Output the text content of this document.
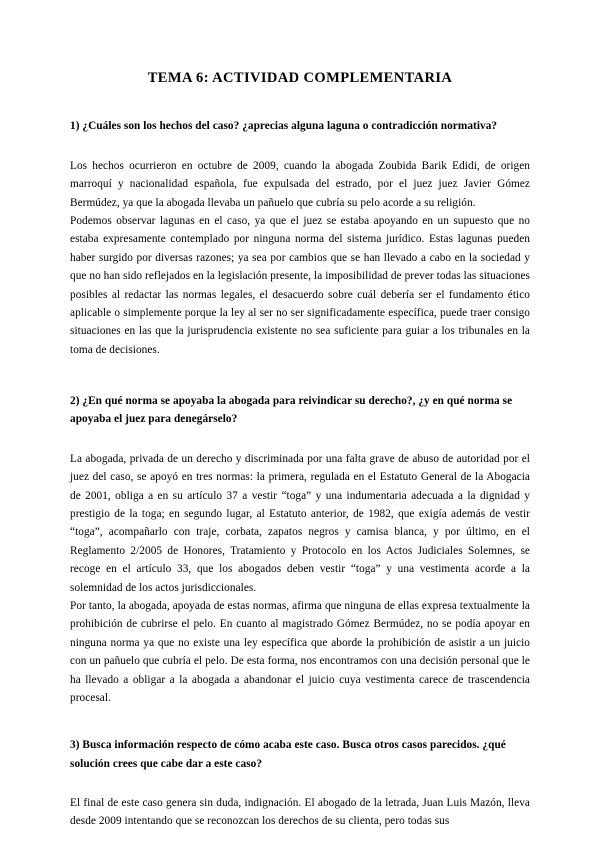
TEMA 6: ACTIVIDAD COMPLEMENTARIA

1) ¿Cuáles son los hechos del caso? ¿aprecias alguna laguna o contradicción normativa?

Los hechos ocurrieron en octubre de 2009, cuando la abogada Zoubida Barik Edidi, de origen marroquí y nacionalidad española, fue expulsada del estrado, por el juez juez Javier Gómez Bermúdez, ya que la abogada llevaba un pañuelo que cubría su pelo acorde a su religión.

Podemos observar lagunas en el caso, ya que el juez se estaba apoyando en un supuesto que no estaba expresamente contemplado por ninguna norma del sistema jurídico. Estas lagunas pueden haber surgido por diversas razones; ya sea por cambios que se han llevado a cabo en la sociedad y que no han sido reflejados en la legislación presente, la imposibilidad de prever todas las situaciones posibles al redactar las normas legales, el desacuerdo sobre cuál debería ser el fundamento ético aplicable o simplemente porque la ley al ser no ser significadamente específica, puede traer consigo situaciones en las que la jurisprudencia existente no sea suficiente para guiar a los tribunales en la toma de decisiones.

2) ¿En qué norma se apoyaba la abogada para reivindicar su derecho?, ¿y en qué norma se apoyaba el juez para denegárselo?

La abogada, privada de un derecho y discriminada por una falta grave de abuso de autoridad por el juez del caso, se apoyó en tres normas: la primera, regulada en el Estatuto General de la Abogacia de 2001, obliga a en su artículo 37 a vestir “toga” y una indumentaria adecuada a la dignidad y prestigio de la toga; en segundo lugar, al Estatuto anterior, de 1982, que exigía además de vestir “toga”, acompañarlo con traje, corbata, zapatos negros y camisa blanca, y por último, en el Reglamento 2/2005 de Honores, Tratamiento y Protocolo en los Actos Judiciales Solemnes, se recoge en el artículo 33, que los abogados deben vestir “toga” y una vestimenta acorde a la solemnidad de los actos jurisdiccionales.

Por tanto, la abogada, apoyada de estas normas, afirma que ninguna de ellas expresa textualmente la prohibición de cubrirse el pelo. En cuanto al magistrado Gómez Bermúdez, no se podía apoyar en ninguna norma ya que no existe una ley específica que aborde la prohibición de asistir a un juicio con un pañuelo que cubría el pelo. De esta forma, nos encontramos con una decisión personal que le ha llevado a obligar a la abogada a abandonar el juicio cuya vestimenta carece de trascendencia procesal.

3) Busca información respecto de cómo acaba este caso. Busca otros casos parecidos. ¿qué solución crees que cabe dar a este caso?

El final de este caso genera sin duda, indignación. El abogado de la letrada, Juan Luis Mazón, lleva desde 2009 intentando que se reconozcan los derechos de su clienta, pero todas sus
